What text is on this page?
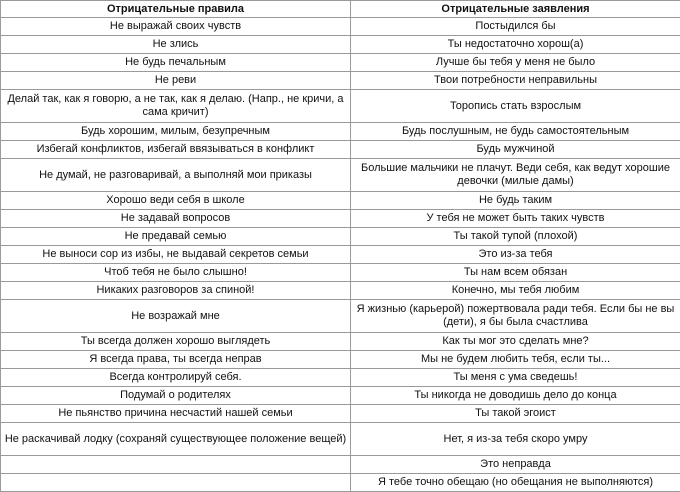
Отрицательные правила	Отрицательные заявления
Не выражай своих чувств	Постыдился бы
Не злись	Ты недостаточно хорош(а)
Не будь печальным	Лучше бы тебя у меня не было
Не реви	Твои потребности неправильны
Делай так, как я говорю, а не так, как я делаю. (Напр., не кричи, а сама кричит)	Торопись стать взрослым
Будь хорошим, милым, безупречным	Будь послушным, не будь самостоятельным
Избегай конфликтов, избегай ввязываться в конфликт	Будь мужчиной
Не думай, не разговаривай, а выполняй мои приказы	Большие мальчики не плачут. Веди себя, как ведут хорошие девочки (милые дамы)
Хорошо веди себя в школе	Не будь таким
Не задавай вопросов	У тебя не может быть таких чувств
Не предавай семью	Ты такой тупой (плохой)
Не выноси сор из избы, не выдавай секретов семьи	Это из-за тебя
Чтоб тебя не было слышно!	Ты нам всем обязан
Никаких разговоров за спиной!	Конечно, мы тебя любим
Не возражай мне	Я жизнью (карьерой) пожертвовала ради тебя. Если бы не вы (дети), я бы была счастлива
Ты всегда должен хорошо выглядеть	Как ты мог это сделать мне?
Я всегда права, ты всегда неправ	Мы не будем любить тебя, если ты...
Всегда контролируй себя.	Ты меня с ума сведешь!
Подумай о родителях	Ты никогда не доводишь дело до конца
Не пьянство причина несчастий нашей семьи	Ты такой эгоист
Не раскачивай лодку (сохраняй существующее положение вещей)	Нет, я из-за тебя скоро умру
	Это неправда
	Я тебе точно обещаю (но обещания не выполняются)
